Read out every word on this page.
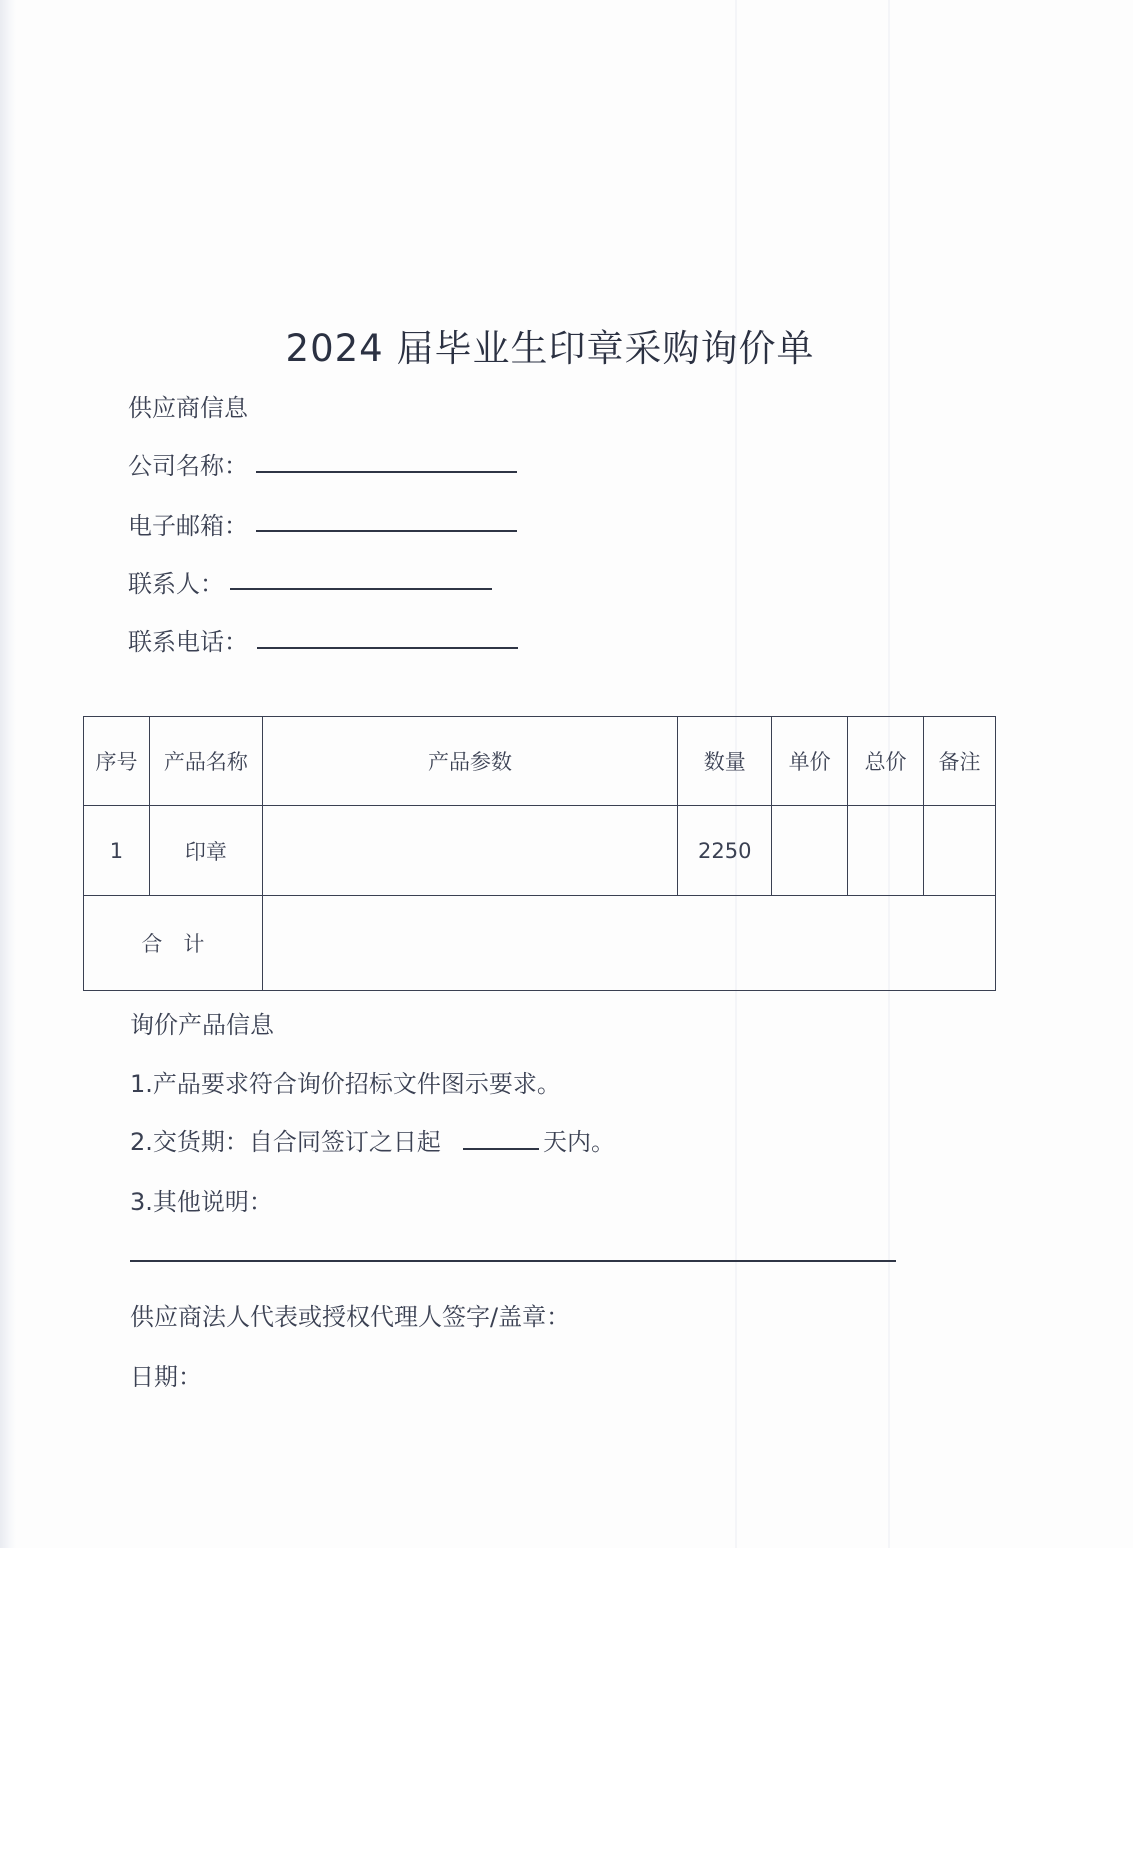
2024 届毕业生印章采购询价单
供应商信息
公司名称：
电子邮箱：
联系人：
联系电话：
序号	产品名称	产品参数	数量	单价	总价	备注
1	印章		2250			
合　计						
询价产品信息
1.产品要求符合询价招标文件图示要求。
2.交货期：自合同签订之日起	天内。
3.其他说明：
供应商法人代表或授权代理人签字/盖章：
日期：
